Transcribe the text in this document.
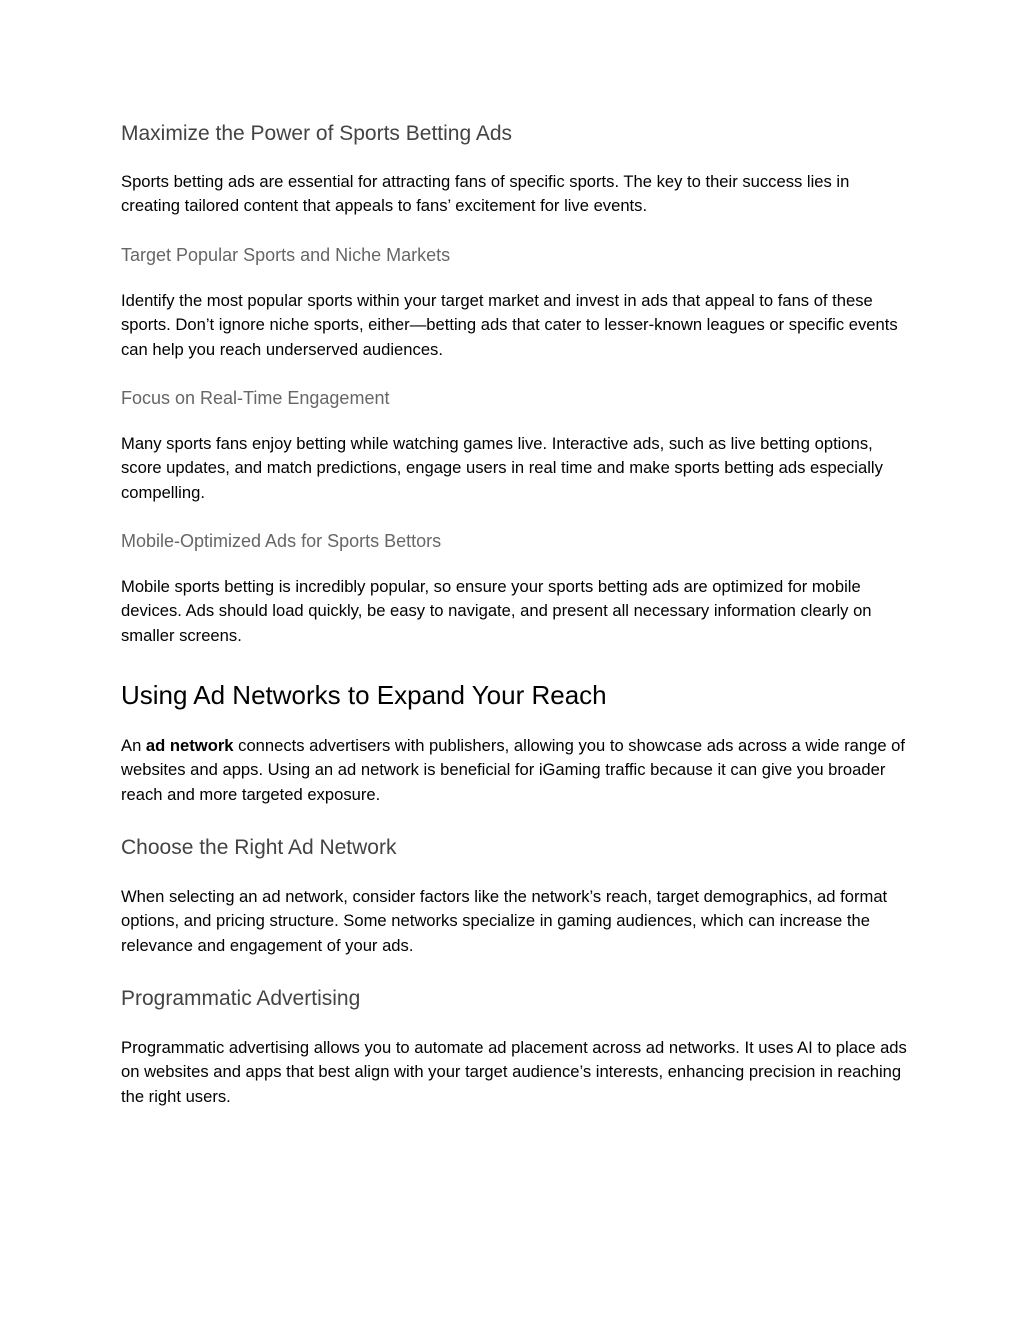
Maximize the Power of Sports Betting Ads

Sports betting ads are essential for attracting fans of specific sports. The key to their success lies in creating tailored content that appeals to fans’ excitement for live events.

Target Popular Sports and Niche Markets

Identify the most popular sports within your target market and invest in ads that appeal to fans of these sports. Don’t ignore niche sports, either—betting ads that cater to lesser-known leagues or specific events can help you reach underserved audiences.

Focus on Real-Time Engagement

Many sports fans enjoy betting while watching games live. Interactive ads, such as live betting options, score updates, and match predictions, engage users in real time and make sports betting ads especially compelling.

Mobile-Optimized Ads for Sports Bettors

Mobile sports betting is incredibly popular, so ensure your sports betting ads are optimized for mobile devices. Ads should load quickly, be easy to navigate, and present all necessary information clearly on smaller screens.

Using Ad Networks to Expand Your Reach

An ad network connects advertisers with publishers, allowing you to showcase ads across a wide range of websites and apps. Using an ad network is beneficial for iGaming traffic because it can give you broader reach and more targeted exposure.

Choose the Right Ad Network

When selecting an ad network, consider factors like the network’s reach, target demographics, ad format options, and pricing structure. Some networks specialize in gaming audiences, which can increase the relevance and engagement of your ads.

Programmatic Advertising

Programmatic advertising allows you to automate ad placement across ad networks. It uses AI to place ads on websites and apps that best align with your target audience’s interests, enhancing precision in reaching the right users.
